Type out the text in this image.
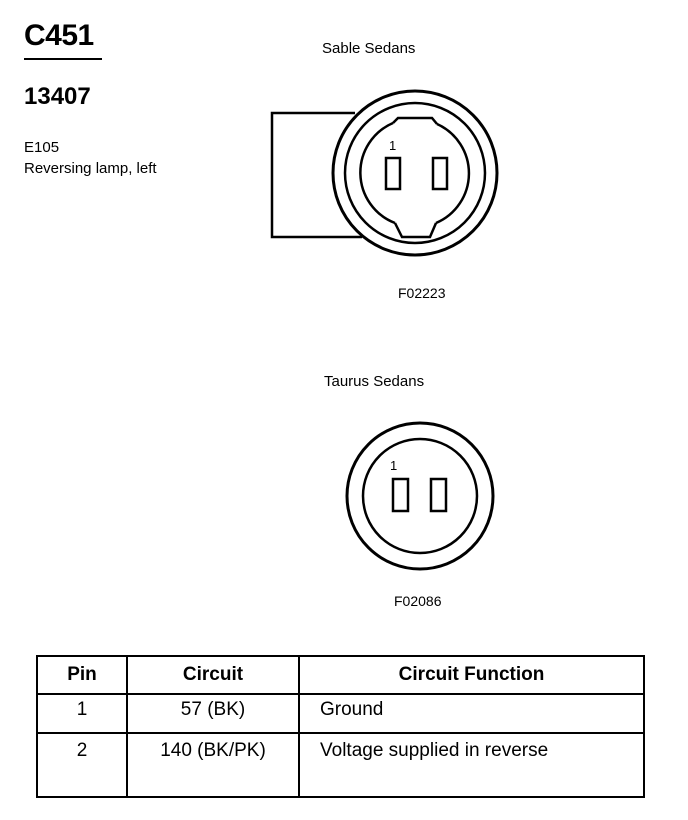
C451
13407
E105
Reversing lamp, left
Sable Sedans
1
F02223
Taurus Sedans
1
F02086
Pin	Circuit	Circuit Function
1	57 (BK)	Ground
2	140 (BK/PK)	Voltage supplied in reverse
